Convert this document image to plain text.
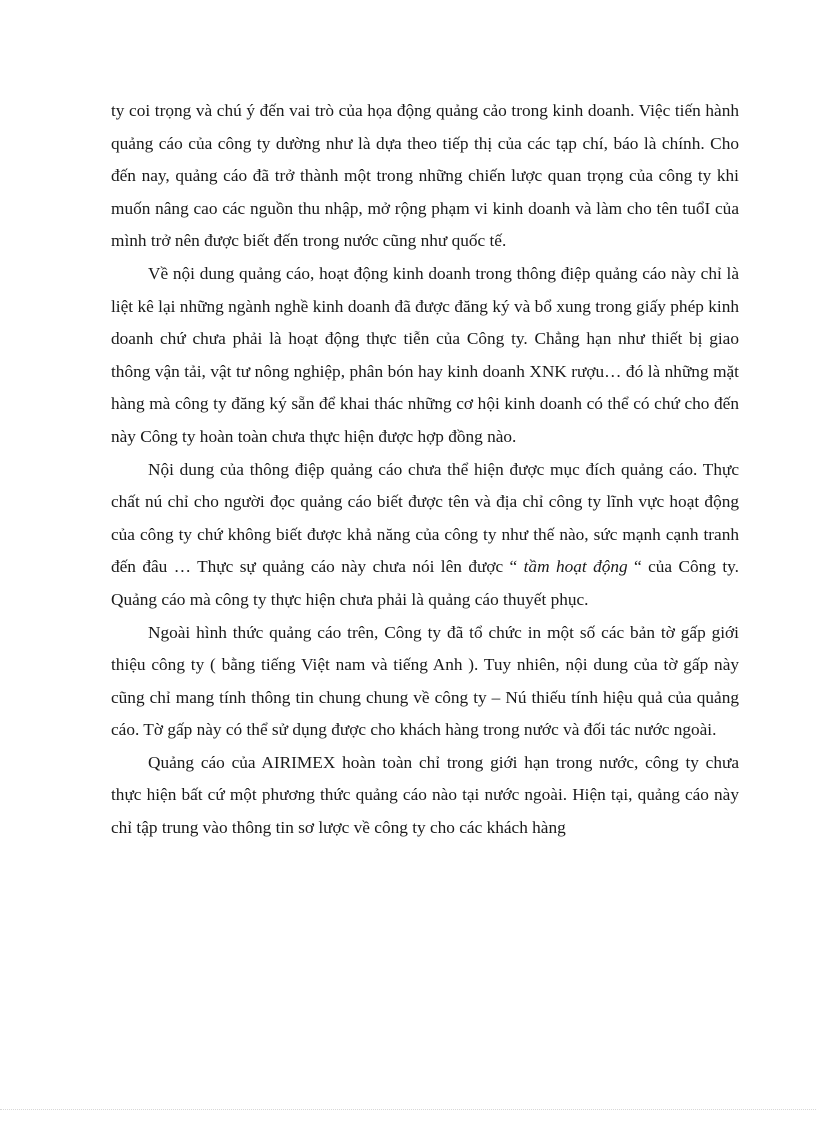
ty coi trọng và chú ý đến vai trò của họa động quảng cảo trong kinh doanh. Việc tiến hành quảng cáo của công ty dường như là dựa theo tiếp thị của các tạp chí, báo là chính. Cho đến nay, quảng cáo đã trở thành một trong những chiến lược quan trọng của công ty khi muốn nâng cao các nguồn thu nhập, mở rộng phạm vi kinh doanh và làm cho tên tuổI của mình trở nên được biết đến trong nước cũng như quốc tế.

Về nội dung quảng cáo, hoạt động kinh doanh trong thông điệp quảng cáo này chỉ là liệt kê lại những ngành nghề kinh doanh đã được đăng ký và bổ xung trong giấy phép kinh doanh chứ chưa phải là hoạt động thực tiễn của Công ty. Chẳng hạn như thiết bị giao thông vận tải, vật tư nông nghiệp, phân bón hay kinh doanh XNK rượu… đó là những mặt hàng mà công ty đăng ký sẵn để khai thác những cơ hội kinh doanh có thể có chứ cho đến này Công ty hoàn toàn chưa thực hiện được hợp đồng nào.

Nội dung của thông điệp quảng cáo chưa thể hiện được mục đích quảng cáo. Thực chất nú chỉ cho người đọc quảng cáo biết được tên và địa chỉ công ty lĩnh vực hoạt động của công ty chứ không biết được khả năng của công ty như thế nào, sức mạnh cạnh tranh đến đâu … Thực sự quảng cáo này chưa nói lên được “ tầm hoạt động “ của Công ty. Quảng cáo mà công ty thực hiện chưa phải là quảng cáo thuyết phục.

Ngoài hình thức quảng cáo trên, Công ty đã tổ chức in một số các bản tờ gấp giới thiệu công ty ( bằng tiếng Việt nam và tiếng Anh ). Tuy nhiên, nội dung của tờ gấp này cũng chỉ mang tính thông tin chung chung về công ty – Nú thiếu tính hiệu quả của quảng cáo. Tờ gấp này có thể sử dụng được cho khách hàng trong nước và đối tác nước ngoài.

Quảng cáo của AIRIMEX hoàn toàn chỉ trong giới hạn trong nước, công ty chưa thực hiện bất cứ một phương thức quảng cáo nào tại nước ngoài. Hiện tại, quảng cáo này chỉ tập trung vào thông tin sơ lược về công ty cho các khách hàng
